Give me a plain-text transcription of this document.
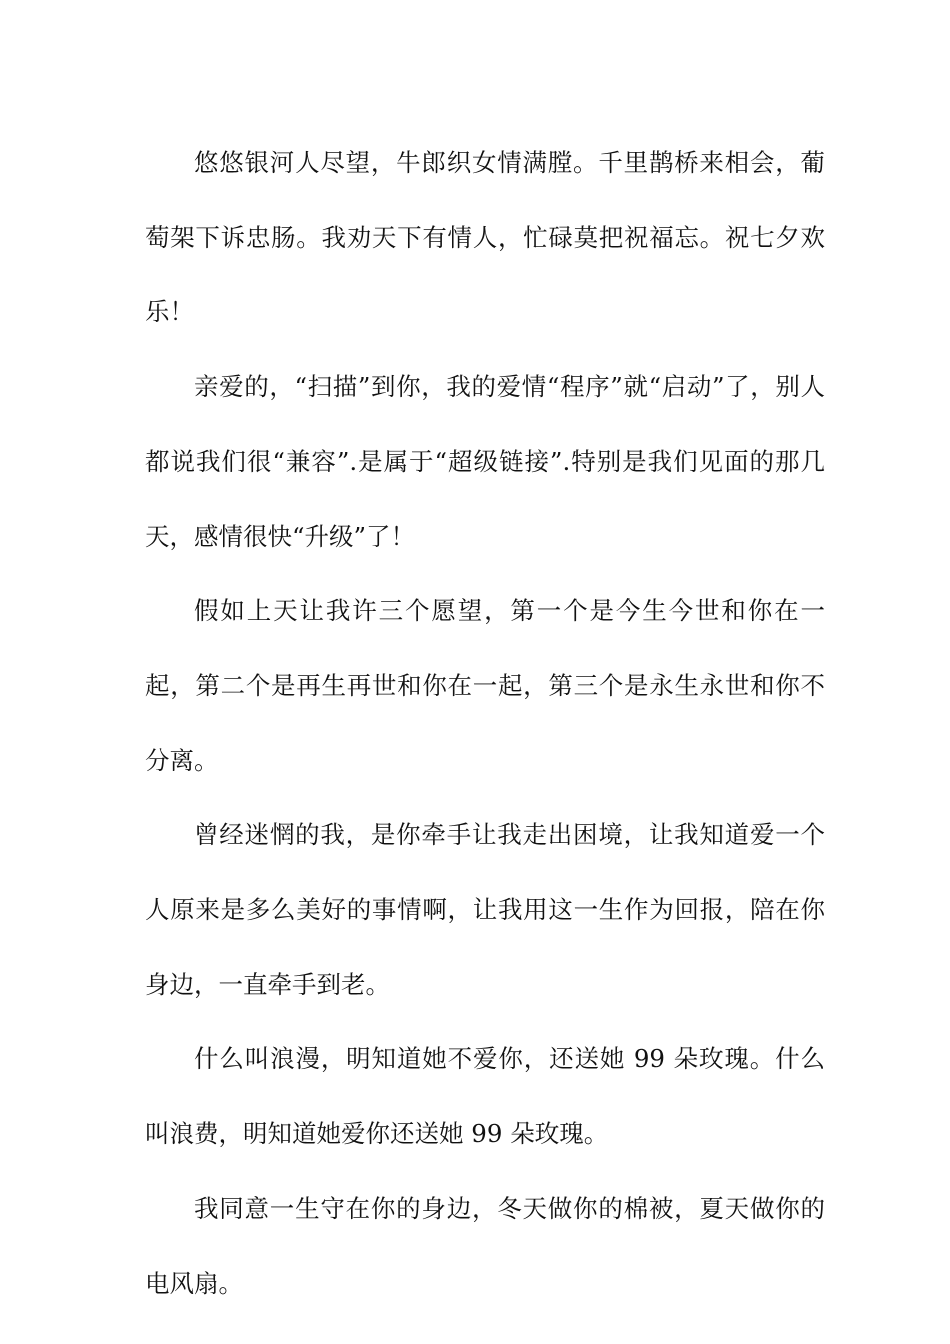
悠悠银河人尽望，牛郎织女情满膛。千里鹊桥来相会，葡萄架下诉忠肠。我劝天下有情人，忙碌莫把祝福忘。祝七夕欢乐！

亲爱的，“扫描”到你，我的爱情“程序”就“启动”了，别人都说我们很“兼容”.是属于“超级链接”.特别是我们见面的那几天，感情很快“升级”了！

假如上天让我许三个愿望，第一个是今生今世和你在一起，第二个是再生再世和你在一起，第三个是永生永世和你不分离。

曾经迷惘的我，是你牵手让我走出困境，让我知道爱一个人原来是多么美好的事情啊，让我用这一生作为回报，陪在你身边，一直牵手到老。

什么叫浪漫，明知道她不爱你，还送她 99 朵玫瑰。什么叫浪费，明知道她爱你还送她 99 朵玫瑰。

我同意一生守在你的身边，冬天做你的棉被，夏天做你的电风扇。
